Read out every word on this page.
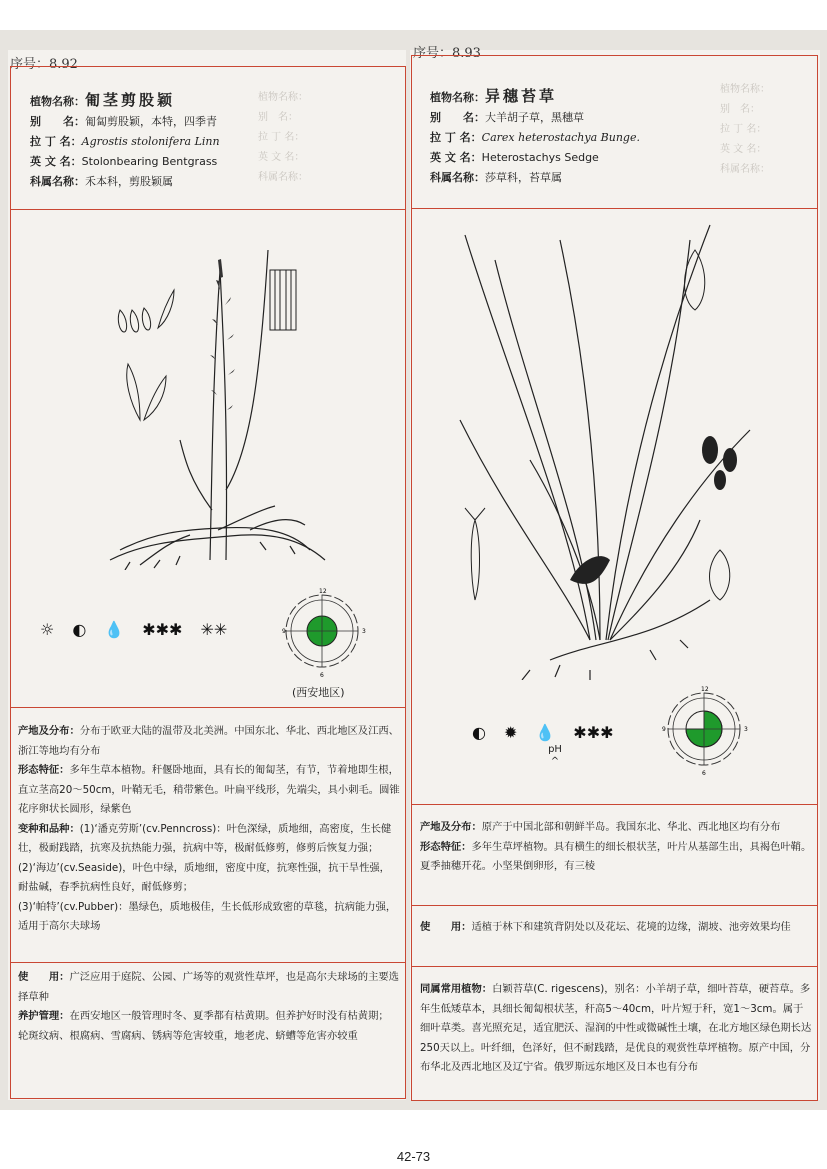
植物名称：　　　　
别　名：　　　　　　
拉 丁 名：
英 文 名：
科属名称：
植物名称：
别　名：
拉 丁 名：
英 文 名：
科属名称：
序号：8.92
植物名称：匍茎剪股颖
别　　名：匍匐剪股颖，本特，四季青
拉 丁 名：Agrostis stolonifera Linn
英 文 名：Stolonbearing Bentgrass
科属名称：禾本科，剪股颖属
☼ ◐ 💧 ✱✱✱ ✳✳
12
3
6
9
(西安地区)

产地及分布：分布于欧亚大陆的温带及北美洲。中国东北、华北、西北地区及江西、浙江等地均有分布

形态特征：多年生草本植物。秆偃卧地面，具有长的匍匐茎，有节，节着地即生根，直立茎高20～50cm，叶鞘无毛，稍带紫色。叶扁平线形，先端尖，具小刺毛。圆锥花序卵状长圆形，绿紫色

变种和品种：(1)‘潘克劳斯’(cv.Penncross)：叶色深绿，质地细，高密度，生长健壮，极耐践踏，抗寒及抗热能力强，抗病中等，极耐低修剪，修剪后恢复力强；

(2)‘海边’(cv.Seaside)，叶色中绿，质地细，密度中度，抗寒性强，抗干旱性强，耐盐碱，春季抗病性良好，耐低修剪；

(3)‘帕特’(cv.Pubber)：墨绿色，质地极佳，生长低形成致密的草毯，抗病能力强，适用于高尔夫球场

使　　用：广泛应用于庭院、公园、广场等的观赏性草坪，也是高尔夫球场的主要选择草种

养护管理：在西安地区一般管理时冬、夏季都有枯黄期。但养护好时没有枯黄期；

轮斑纹病、根腐病、雪腐病、锈病等危害较重，地老虎、蛴螬等危害亦较重

序号：8.93
植物名称：异穗苔草
别　　名：大羊胡子草，黑穗草
拉 丁 名：Carex heterostachya Bunge.
英 文 名：Heterostachys Sedge
科属名称：莎草科，苔草属
◐ ✹ 💧 ✱✱✱
pH
^
12
3
6
9

产地及分布：原产于中国北部和朝鲜半岛。我国东北、华北、西北地区均有分布

形态特征：多年生草坪植物。具有横生的细长根状茎，叶片从基部生出，具褐色叶鞘。夏季抽穗开花。小坚果倒卵形，有三棱

使　　用：适植于林下和建筑背阴处以及花坛、花境的边缘，湖坡、池旁效果均佳

同属常用植物：白颖苔草(C. rigescens)，别名：小羊胡子草，细叶苔草，硬苔草。多年生低矮草本，具细长匍匐根状茎，秆高5～40cm，叶片短于秆，宽1～3cm。属于细叶草类。喜光照充足，适宜肥沃、湿润的中性或微碱性土壤，在北方地区绿色期长达250天以上。叶纤细，色泽好，但不耐践踏，是优良的观赏性草坪植物。原产中国，分布华北及西北地区及辽宁省。俄罗斯远东地区及日本也有分布

42-73
